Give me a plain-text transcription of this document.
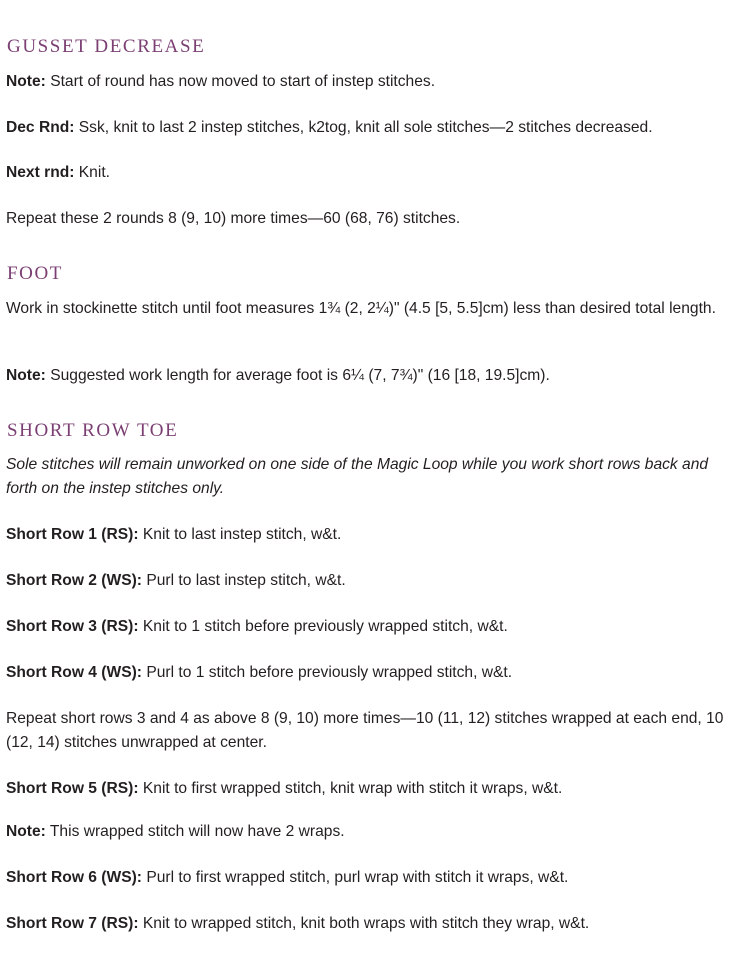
GUSSET DECREASE

Note: Start of round has now moved to start of instep stitches.

Dec Rnd: Ssk, knit to last 2 instep stitches, k2tog, knit all sole stitches—2 stitches decreased.

Next rnd: Knit.

Repeat these 2 rounds 8 (9, 10) more times—60 (68, 76) stitches.

FOOT

Work in stockinette stitch until foot measures 1¾ (2, 2¼)" (4.5 [5, 5.5]cm) less than desired total length.

Note: Suggested work length for average foot is 6¼ (7, 7¾)" (16 [18, 19.5]cm).

SHORT ROW TOE

Sole stitches will remain unworked on one side of the Magic Loop while you work short rows back and forth on the instep stitches only.

Short Row 1 (RS): Knit to last instep stitch, w&t.

Short Row 2 (WS): Purl to last instep stitch, w&t.

Short Row 3 (RS): Knit to 1 stitch before previously wrapped stitch, w&t.

Short Row 4 (WS): Purl to 1 stitch before previously wrapped stitch, w&t.

Repeat short rows 3 and 4 as above 8 (9, 10) more times—10 (11, 12) stitches wrapped at each end, 10 (12, 14) stitches unwrapped at center.

Short Row 5 (RS): Knit to first wrapped stitch, knit wrap with stitch it wraps, w&t.

Note: This wrapped stitch will now have 2 wraps.

Short Row 6 (WS): Purl to first wrapped stitch, purl wrap with stitch it wraps, w&t.

Short Row 7 (RS): Knit to wrapped stitch, knit both wraps with stitch they wrap, w&t.
